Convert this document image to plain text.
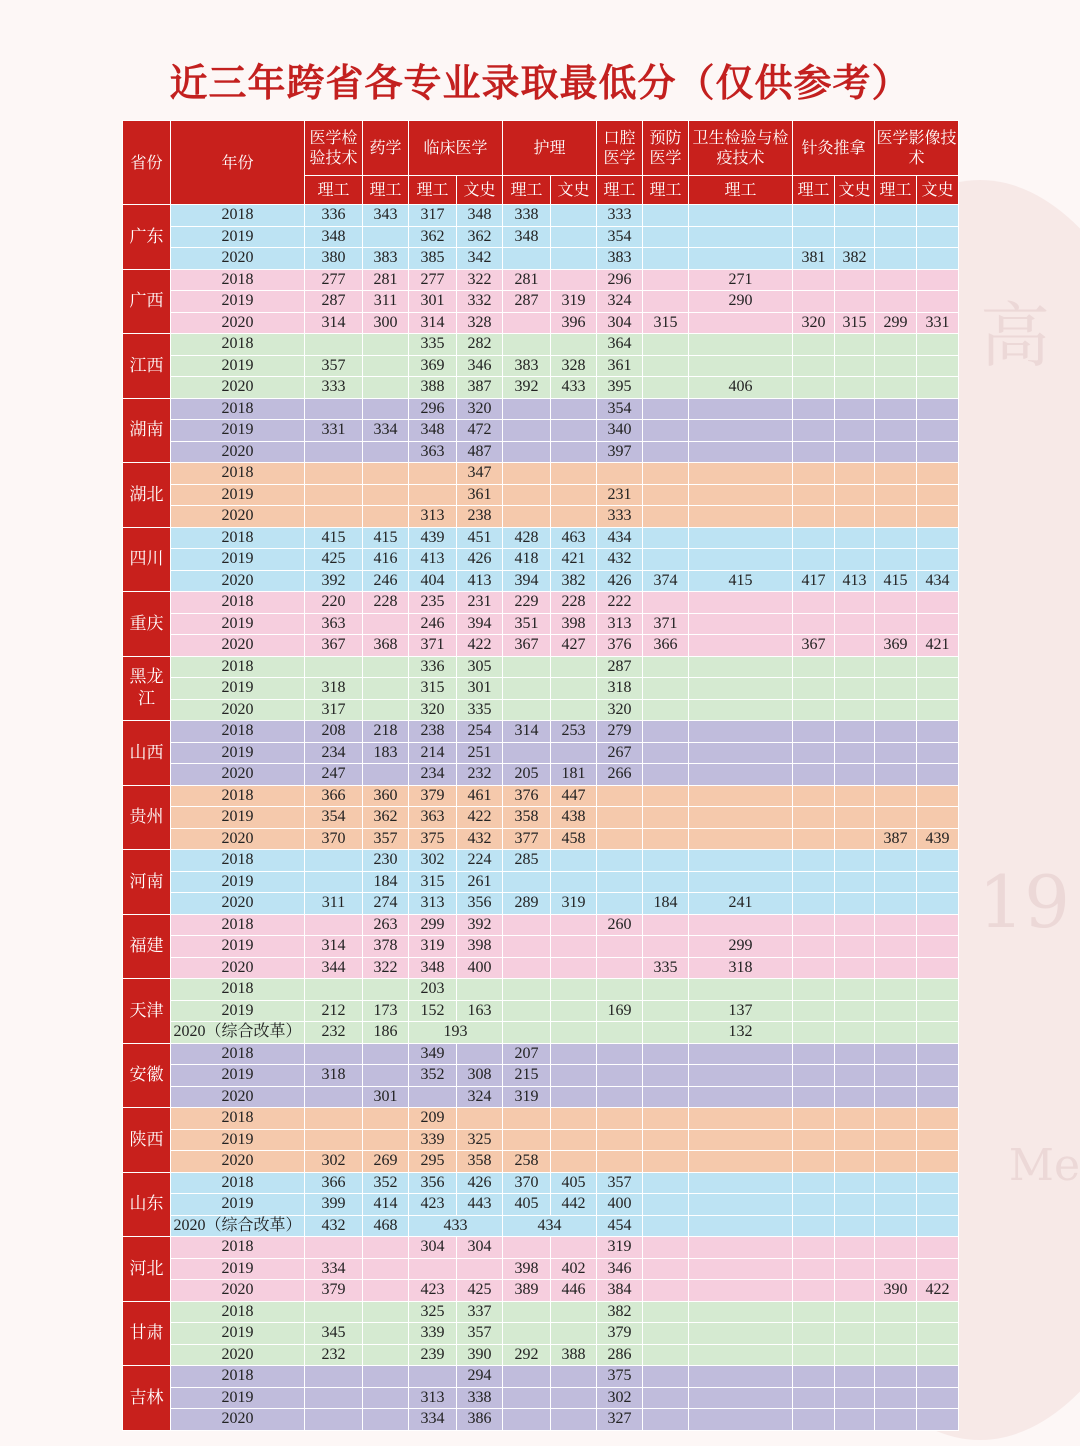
高
19
Me
近三年跨省各专业录取最低分（仅供参考）
省份	年份	医学检验技术	药学	临床医学		护理		口腔医学	预防医学	卫生检验与检疫技术	针灸推拿		医学影像技术	
		理工	理工	理工	文史	理工	文史	理工	理工	理工	理工	文史	理工	文史
广东	2018	336	343	317	348	338		333						
	2019	348		362	362	348		354						
	2020	380	383	385	342			383			381	382		
广西	2018	277	281	277	322	281		296		271				
	2019	287	311	301	332	287	319	324		290				
	2020	314	300	314	328		396	304	315		320	315	299	331
江西	2018			335	282			364						
	2019	357		369	346	383	328	361						
	2020	333		388	387	392	433	395		406				
湖南	2018			296	320			354						
	2019	331	334	348	472			340						
	2020			363	487			397						
湖北	2018				347									
	2019				361			231						
	2020			313	238			333						
四川	2018	415	415	439	451	428	463	434						
	2019	425	416	413	426	418	421	432						
	2020	392	246	404	413	394	382	426	374	415	417	413	415	434
重庆	2018	220	228	235	231	229	228	222						
	2019	363		246	394	351	398	313	371					
	2020	367	368	371	422	367	427	376	366		367		369	421
黑龙江	2018			336	305			287						
	2019	318		315	301			318						
	2020	317		320	335			320						
山西	2018	208	218	238	254	314	253	279						
	2019	234	183	214	251			267						
	2020	247		234	232	205	181	266						
贵州	2018	366	360	379	461	376	447							
	2019	354	362	363	422	358	438							
	2020	370	357	375	432	377	458						387	439
河南	2018		230	302	224	285								
	2019		184	315	261									
	2020	311	274	313	356	289	319		184	241				
福建	2018		263	299	392			260						
	2019	314	378	319	398					299				
	2020	344	322	348	400				335	318				
天津	2018			203										
	2019	212	173	152	163			169		137				
	2020（综合改革）	232	186	193						132				
安徽	2018			349		207								
	2019	318		352	308	215								
	2020		301		324	319								
陕西	2018			209										
	2019			339	325									
	2020	302	269	295	358	258								
山东	2018	366	352	356	426	370	405	357						
	2019	399	414	423	443	405	442	400						
	2020（综合改革）	432	468	433		434		454						
河北	2018			304	304			319						
	2019	334				398	402	346						
	2020	379		423	425	389	446	384					390	422
甘肃	2018			325	337			382						
	2019	345		339	357			379						
	2020	232		239	390	292	388	286						
吉林	2018				294			375						
	2019			313	338			302						
	2020			334	386			327						
